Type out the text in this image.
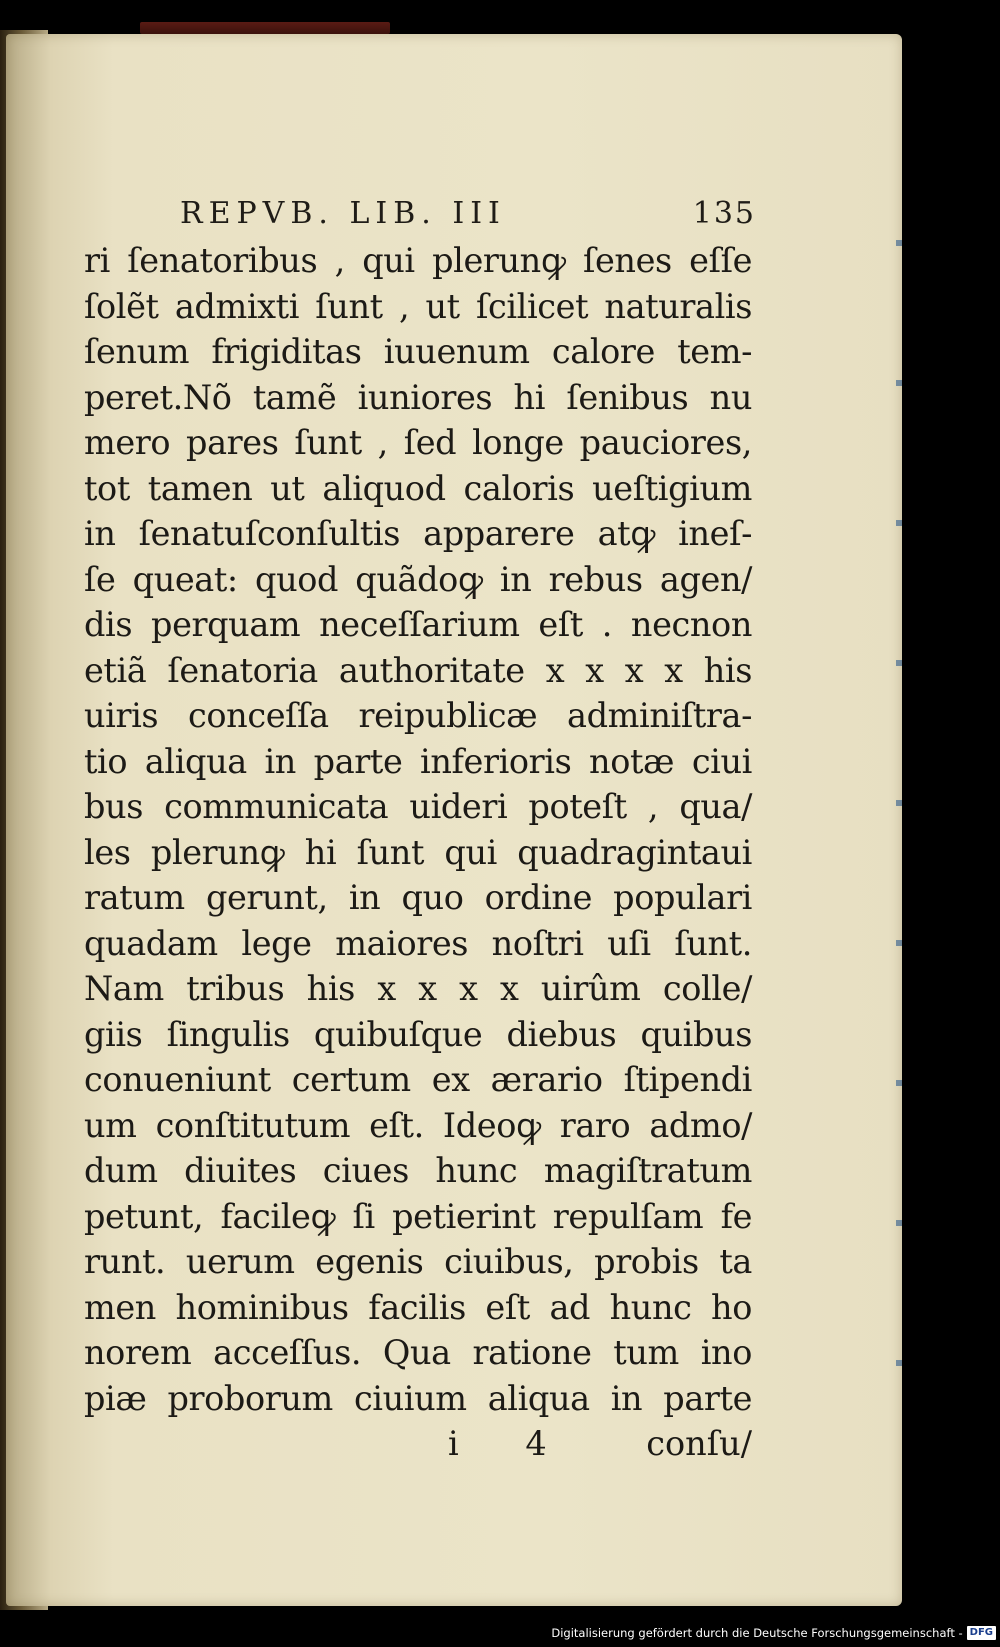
REPVB. LIB. III	135
ri ſenatoribus , qui plerunꝙ ſenes eſſe
ſolẽt admixti ſunt , ut ſcilicet naturalis
ſenum frigiditas iuuenum calore tem-
peret.Nõ tamẽ iuniores hi ſenibus nu
mero pares ſunt , ſed longe pauciores,
tot tamen ut aliquod caloris ueſtigium
in ſenatuſconſultis apparere atꝙ ineſ-
ſe queat: quod quãdoꝙ in rebus agen/
dis perquam neceſſarium eſt . necnon
etiã ſenatoria authoritate x x x x his
uiris conceſſa reipublicæ adminiſtra-
tio aliqua in parte inferioris notæ ciui
bus communicata uideri poteſt , qua/
les plerunꝙ hi ſunt qui quadragintaui
ratum gerunt, in quo ordine populari
quadam lege maiores noſtri uſi ſunt.
Nam tribus his x x x x uirûm colle/
giis ſingulis quibuſque diebus quibus
conueniunt certum ex ærario ſtipendi
um conſtitutum eſt. Ideoꝙ raro admo/
dum diuites ciues hunc magiſtratum
petunt, facileꝙ ſi petierint repulſam fe
runt. uerum egenis ciuibus, probis ta
men hominibus facilis eſt ad hunc ho
norem acceſſus. Qua ratione tum ino
piæ proborum ciuium aliqua in parte
i 4 conſu/
Digitalisierung gefördert durch die Deutsche Forschungsgemeinschaft - DFG
